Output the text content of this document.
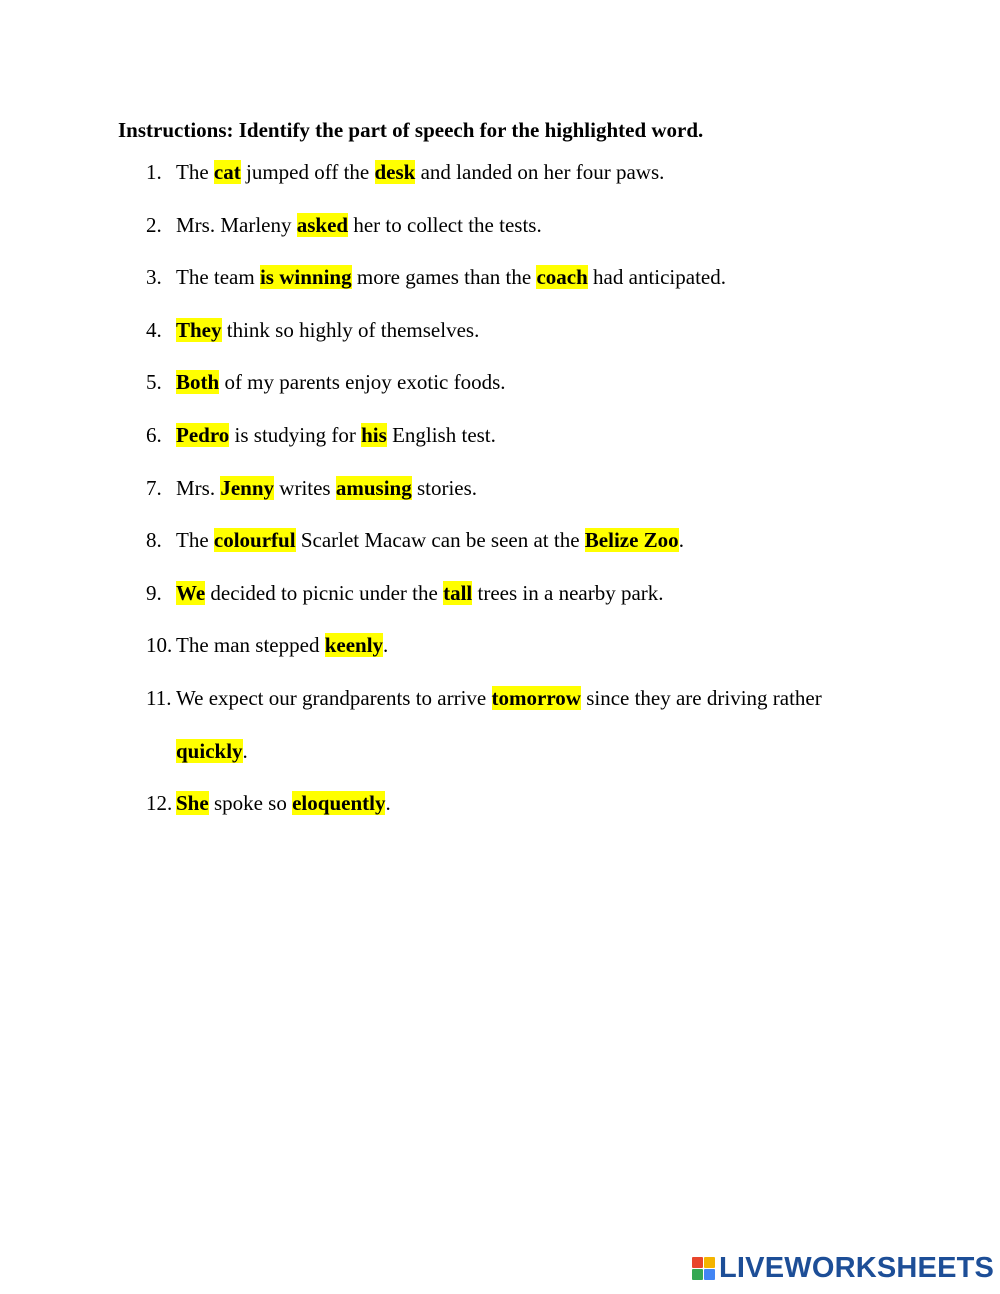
Instructions: Identify the part of speech for the highlighted word.
1. The cat jumped off the desk and landed on her four paws.
2. Mrs. Marleny asked her to collect the tests.
3. The team is winning more games than the coach had anticipated.
4. They think so highly of themselves.
5. Both of my parents enjoy exotic foods.
6. Pedro is studying for his English test.
7. Mrs. Jenny writes amusing stories.
8. The colourful Scarlet Macaw can be seen at the Belize Zoo.
9. We decided to picnic under the tall trees in a nearby park.
10. The man stepped keenly.
11. We expect our grandparents to arrive tomorrow since they are driving rather
quickly.
12. She spoke so eloquently.
LIVEWORKSHEETS
